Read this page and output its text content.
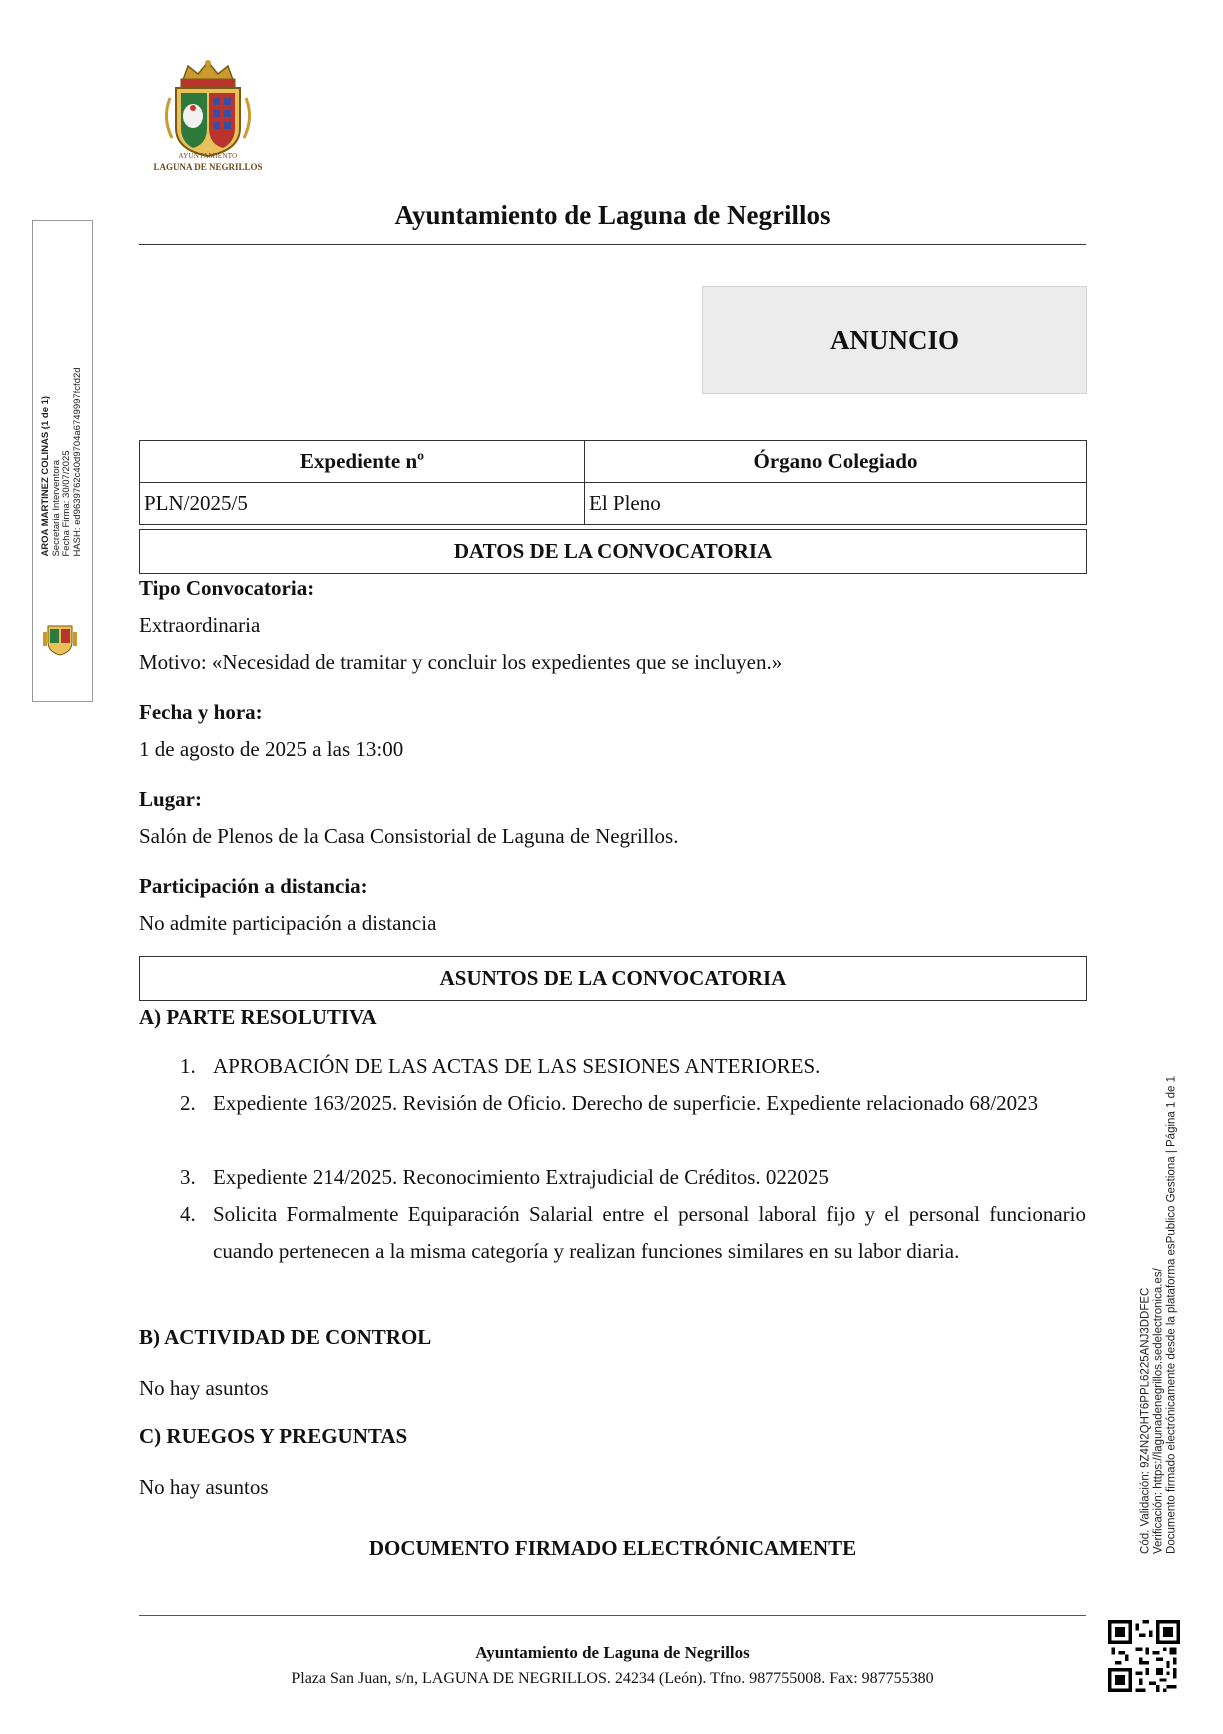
AYUNTAMIENTO
LAGUNA DE NEGRILLOS
Ayuntamiento de Laguna de Negrillos
ANUNCIO
Expediente nº	Órgano Colegiado
PLN/2025/5	El Pleno
DATOS DE LA CONVOCATORIA
Tipo Convocatoria:
Extraordinaria
Motivo: «Necesidad de tramitar y concluir los expedientes que se incluyen.»
Fecha y hora:
1 de agosto de 2025 a las 13:00
Lugar:
Salón de Plenos de la Casa Consistorial de Laguna de Negrillos.
Participación a distancia:
No admite participación a distancia
ASUNTOS DE LA CONVOCATORIA
A) PARTE RESOLUTIVA
1. APROBACIÓN DE LAS ACTAS DE LAS SESIONES ANTERIORES.
2. Expediente 163/2025. Revisión de Oficio. Derecho de superficie. Expediente relacionado 68/2023
3. Expediente 214/2025. Reconocimiento Extrajudicial de Créditos. 022025
4. Solicita Formalmente Equiparación Salarial entre el personal laboral fijo y el personal funcionario cuando pertenecen a la misma categoría y realizan funciones similares en su labor diaria.
B) ACTIVIDAD DE CONTROL
No hay asuntos
C) RUEGOS Y PREGUNTAS
No hay asuntos
DOCUMENTO FIRMADO ELECTRÓNICAMENTE
Ayuntamiento de Laguna de Negrillos
Plaza San Juan, s/n, LAGUNA DE NEGRILLOS. 24234 (León). Tfno. 987755008. Fax: 987755380
AROA MARTINEZ COLINAS (1 de 1) Secretaria Interventora Fecha Firma: 30/07/2025 HASH: ed9639762c40d9704a6749997fcfd2d
Cód. Validación: 9Z4N2QHT6PPL6225ANJ3DDFEC Verificación: https://lagunadenegrillos.sedelectronica.es/ Documento firmado electrónicamente desde la plataforma esPublico Gestiona | Página 1 de 1
